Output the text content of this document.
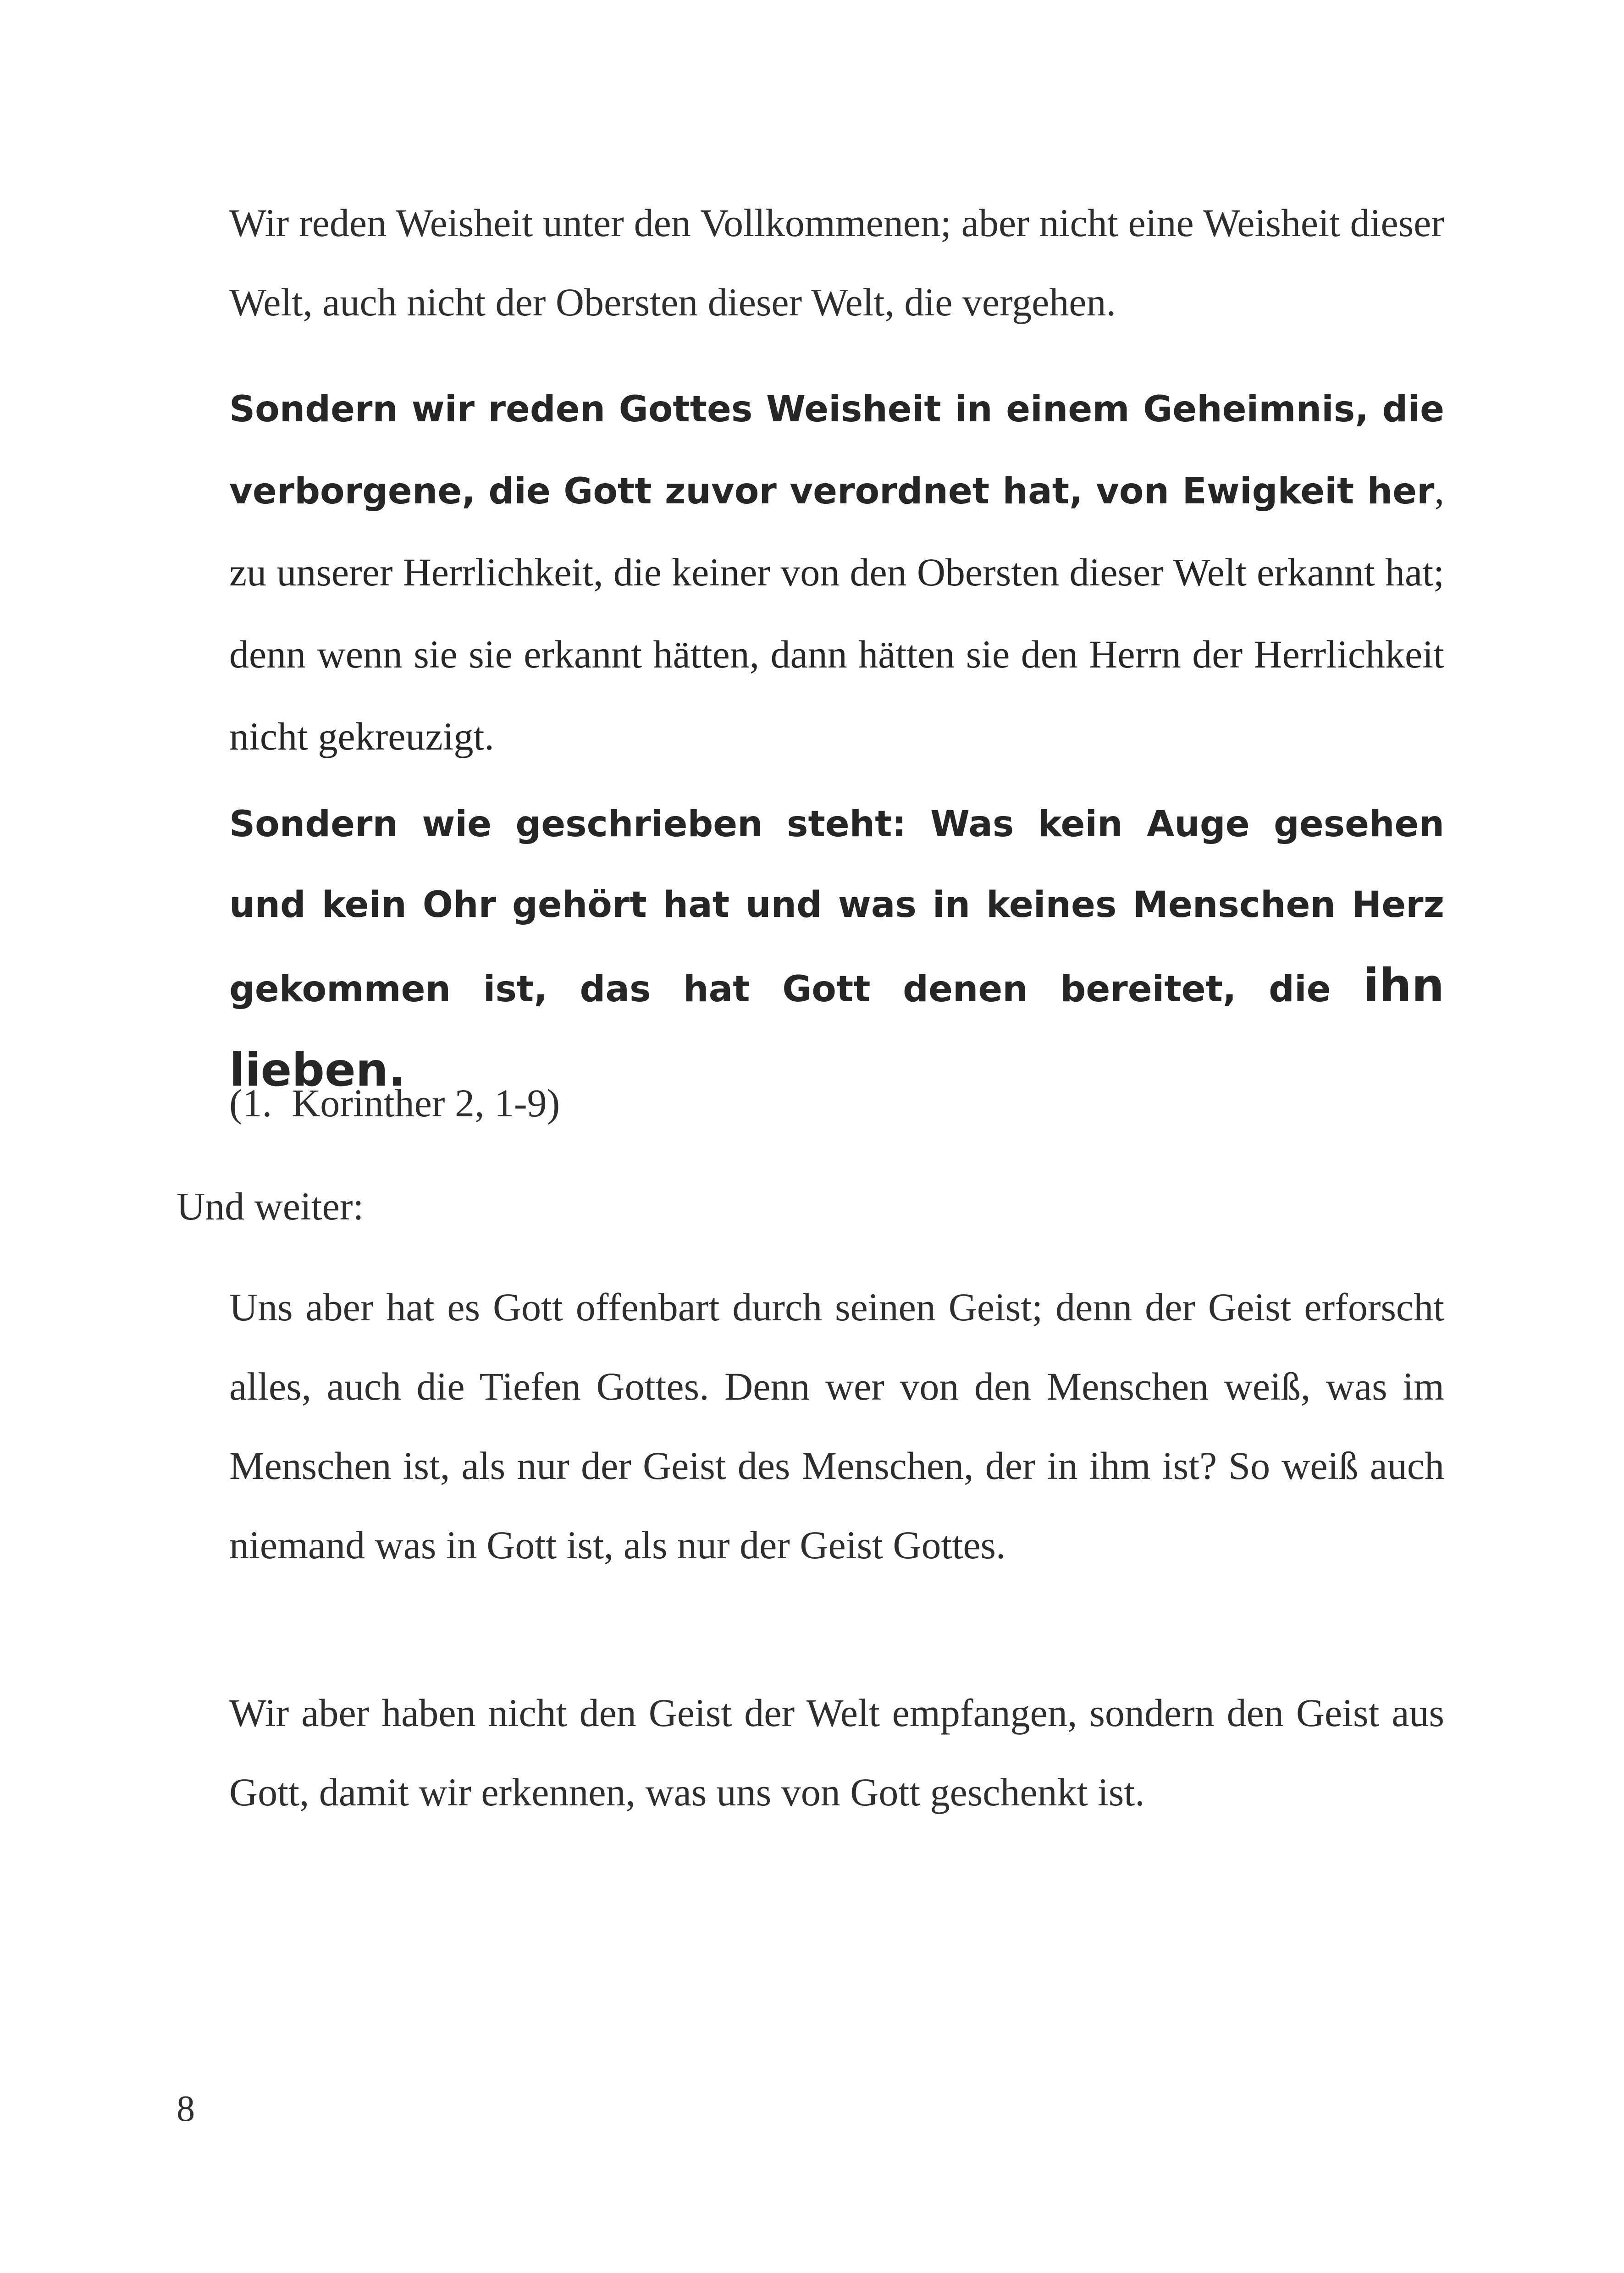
Wir reden Weisheit unter den Vollkommenen; aber nicht eine Weisheit dieser Welt, auch nicht der Obersten dieser Welt, die vergehen.

Sondern wir reden Gottes Weisheit in einem Geheimnis, die verborgene, die Gott zuvor verordnet hat, von Ewigkeit her, zu unserer Herrlichkeit, die keiner von den Obersten dieser Welt erkannt hat; denn wenn sie sie erkannt hätten, dann hätten sie den Herrn der Herrlichkeit nicht gekreuzigt.

Sondern wie geschrieben steht: Was kein Auge gesehen und kein Ohr gehört hat und was in keines Menschen Herz gekommen ist, das hat Gott denen bereitet, die ihn lieben.

(1.  Korinther 2, 1-9)

Und weiter:

Uns aber hat es Gott offenbart durch seinen Geist; denn der Geist erforscht alles, auch die Tiefen Gottes. Denn wer von den Menschen weiß, was im Menschen ist, als nur der Geist des Menschen, der in ihm ist? So weiß auch niemand was in Gott ist, als nur der Geist Gottes.

Wir aber haben nicht den Geist der Welt empfangen, sondern den Geist aus Gott, damit wir erkennen, was uns von Gott geschenkt ist.

8
